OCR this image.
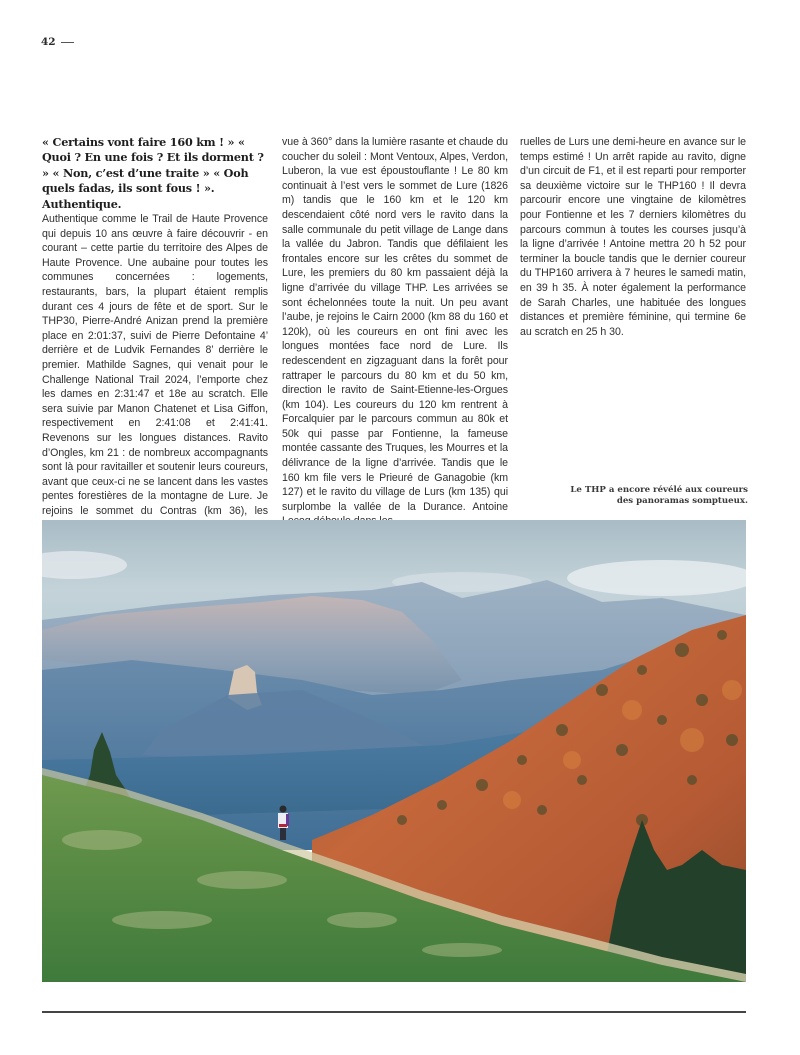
42

« Certains vont faire 160 km ! » « Quoi ? En une fois ? Et ils dorment ? » « Non, c’est d’une traite » « Ooh quels fadas, ils sont fous ! ». Authentique.

Authentique comme le Trail de Haute Provence qui depuis 10 ans œuvre à faire découvrir - en courant – cette partie du territoire des Alpes de Haute Provence. Une aubaine pour toutes les communes concernées : logements, restaurants, bars, la plupart étaient remplis durant ces 4 jours de fête et de sport. Sur le THP30, Pierre-André Anizan prend la première place en 2:01:37, suivi de Pierre Defontaine 4’ derrière et de Ludvik Fernandes 8’ derrière le premier. Mathilde Sagnes, qui venait pour le Challenge National Trail 2024, l’emporte chez les dames en 2:31:47 et 18e au scratch. Elle sera suivie par Manon Chatenet et Lisa Giffon, respectivement en 2:41:08 et 2:41:41. Revenons sur les longues distances. Ravito d’Ongles, km 21 : de nombreux accompagnants sont là pour ravitailler et soutenir leurs coureurs, avant que ceux-ci ne se lancent dans les vastes pentes forestières de la montagne de Lure. Je rejoins le sommet du Contras (km 36), les

vue à 360° dans la lumière rasante et chaude du coucher du soleil : Mont Ventoux, Alpes, Verdon, Luberon, la vue est époustouflante ! Le 80 km continuait à l’est vers le sommet de Lure (1826 m) tandis que le 160 km et le 120 km descendaient côté nord vers le ravito dans la salle communale du petit village de Lange dans la vallée du Jabron. Tandis que défilaient les frontales encore sur les crêtes du sommet de Lure, les premiers du 80 km passaient déjà la ligne d’arrivée du village THP. Les arrivées se sont échelonnées toute la nuit. Un peu avant l’aube, je rejoins le Cairn 2000 (km 88 du 160 et 120k), où les coureurs en ont fini avec les longues montées face nord de Lure. Ils redescendent en zigzaguant dans la forêt pour rattraper le parcours du 80 km et du 50 km, direction le ravito de Saint-Etienne-les-Orgues (km 104). Les coureurs du 120 km rentrent à Forcalquier par le parcours commun au 80k et 50k qui passe par Fontienne, la fameuse montée cassante des Truques, les Mourres et la délivrance de la ligne d’arrivée. Tandis que le 160 km file vers le Prieuré de Ganagobie (km 127) et le ravito du village de Lurs (km 135) qui surplombe la vallée de la Durance. Antoine

ruelles de Lurs une demi-heure en avance sur le temps estimé ! Un arrêt rapide au ravito, digne d’un circuit de F1, et il est reparti pour remporter sa deuxième victoire sur le THP160 ! Il devra parcourir encore une vingtaine de kilomètres pour Fontienne et les 7 derniers kilomètres du parcours commun à toutes les courses jusqu’à la ligne d’arrivée ! Antoine mettra 20 h 52 pour terminer la boucle tandis que le dernier coureur du THP160 arrivera à 7 heures le samedi matin, en 39 h 35. À noter également la performance de Sarah Charles, une habituée des longues distances et première féminine, qui termine 6e au scratch en 25 h 30.

Le THP a encore révélé aux coureurs
des panoramas somptueux.
